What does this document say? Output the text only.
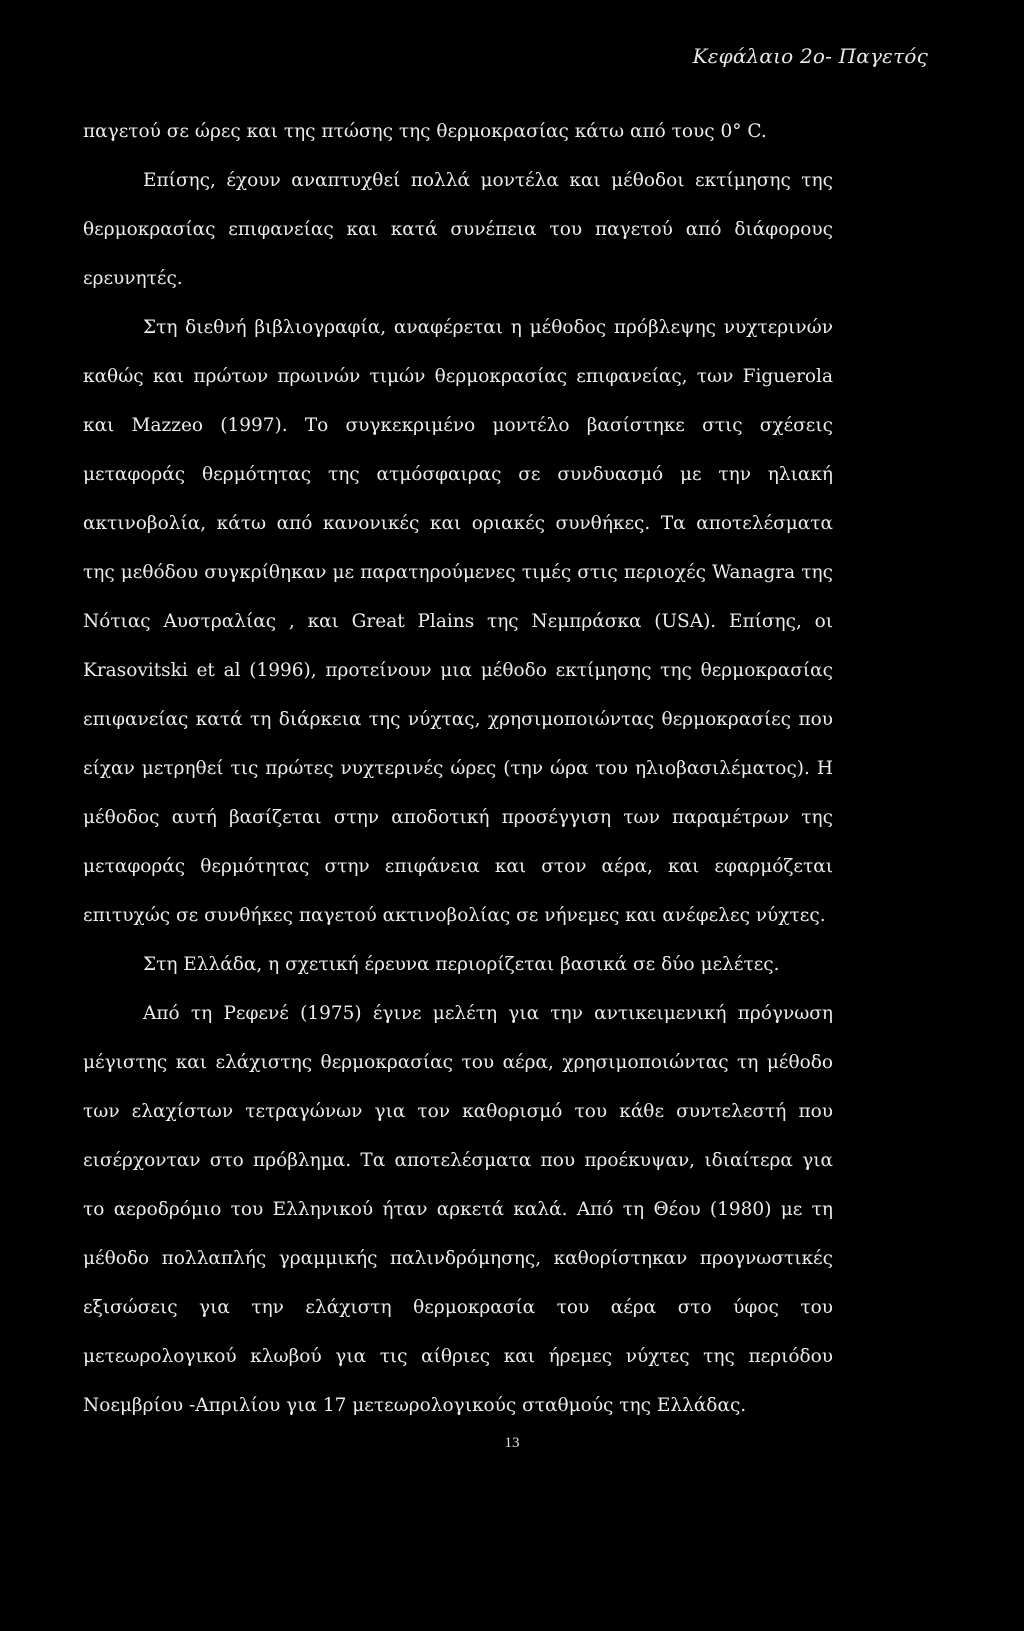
Κεφάλαιο 2ο- Παγετός

παγετού σε ώρες και της πτώσης της θερμοκρασίας κάτω από τους 0° C.

Επίσης, έχουν αναπτυχθεί πολλά μοντέλα και μέθοδοι εκτίμησης της θερμοκρασίας επιφανείας και κατά συνέπεια του παγετού από διάφορους ερευνητές.

Στη διεθνή βιβλιογραφία, αναφέρεται η μέθοδος πρόβλεψης νυχτερινών καθώς και πρώτων πρωινών τιμών θερμοκρασίας επιφανείας, των Figuerola και Mazzeo (1997). Το συγκεκριμένο μοντέλο βασίστηκε στις σχέσεις μεταφοράς θερμότητας της ατμόσφαιρας σε συνδυασμό με την ηλιακή ακτινοβολία, κάτω από κανονικές και οριακές συνθήκες. Τα αποτελέσματα της μεθόδου συγκρίθηκαν με παρατηρούμενες τιμές στις περιοχές Wanagra της Νότιας Αυστραλίας , και Great Plains της Νεμπράσκα (USA). Επίσης, οι Krasovitski et al (1996), προτείνουν μια μέθοδο εκτίμησης της θερμοκρασίας επιφανείας κατά τη διάρκεια της νύχτας, χρησιμοποιώντας θερμοκρασίες που είχαν μετρηθεί τις πρώτες νυχτερινές ώρες (την ώρα του ηλιοβασιλέματος). Η μέθοδος αυτή βασίζεται στην αποδοτική προσέγγιση των παραμέτρων της μεταφοράς θερμότητας στην επιφάνεια και στον αέρα, και εφαρμόζεται επιτυχώς σε συνθήκες παγετού ακτινοβολίας σε νήνεμες και ανέφελες νύχτες.

Στη Ελλάδα, η σχετική έρευνα περιορίζεται βασικά σε δύο μελέτες.

Από τη Ρεφενέ (1975) έγινε μελέτη για την αντικειμενική πρόγνωση μέγιστης και ελάχιστης θερμοκρασίας του αέρα, χρησιμοποιώντας τη μέθοδο των ελαχίστων τετραγώνων για τον καθορισμό του κάθε συντελεστή που εισέρχονταν στο πρόβλημα. Τα αποτελέσματα που προέκυψαν, ιδιαίτερα για το αεροδρόμιο του Ελληνικού ήταν αρκετά καλά. Από τη Θέου (1980) με τη μέθοδο πολλαπλής γραμμικής παλινδρόμησης, καθορίστηκαν προγνωστικές εξισώσεις για την ελάχιστη θερμοκρασία του αέρα στο ύφος του μετεωρολογικού κλωβού για τις αίθριες και ήρεμες νύχτες της περιόδου Νοεμβρίου -Απριλίου για 17 μετεωρολογικούς σταθμούς της Ελλάδας.

13
